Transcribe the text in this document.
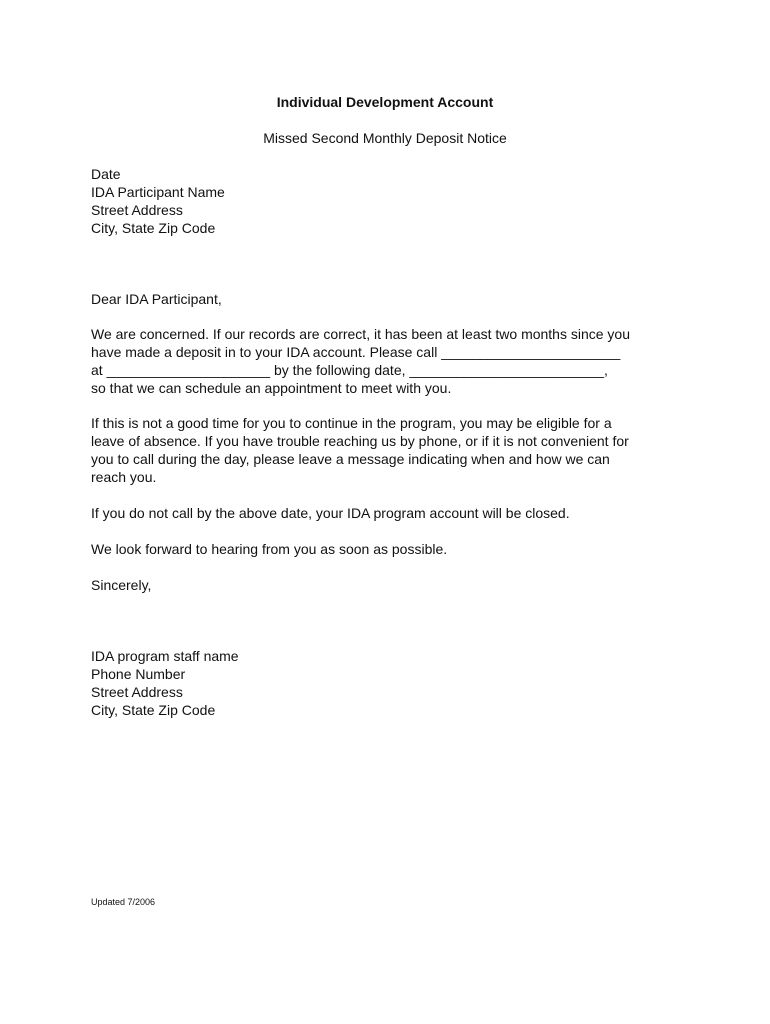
Individual Development Account
Missed Second Monthly Deposit Notice
Date
IDA Participant Name
Street Address
City, State Zip Code
Dear IDA Participant,
We are concerned. If our records are correct, it has been at least two months since you
have made a deposit in to your IDA account. Please call _______________________
at _____________________ by the following date, _________________________,
so that we can schedule an appointment to meet with you.
If this is not a good time for you to continue in the program, you may be eligible for a
leave of absence. If you have trouble reaching us by phone, or if it is not convenient for
you to call during the day, please leave a message indicating when and how we can
reach you.
If you do not call by the above date, your IDA program account will be closed.
We look forward to hearing from you as soon as possible.
Sincerely,
IDA program staff name
Phone Number
Street Address
City, State Zip Code
Updated 7/2006
